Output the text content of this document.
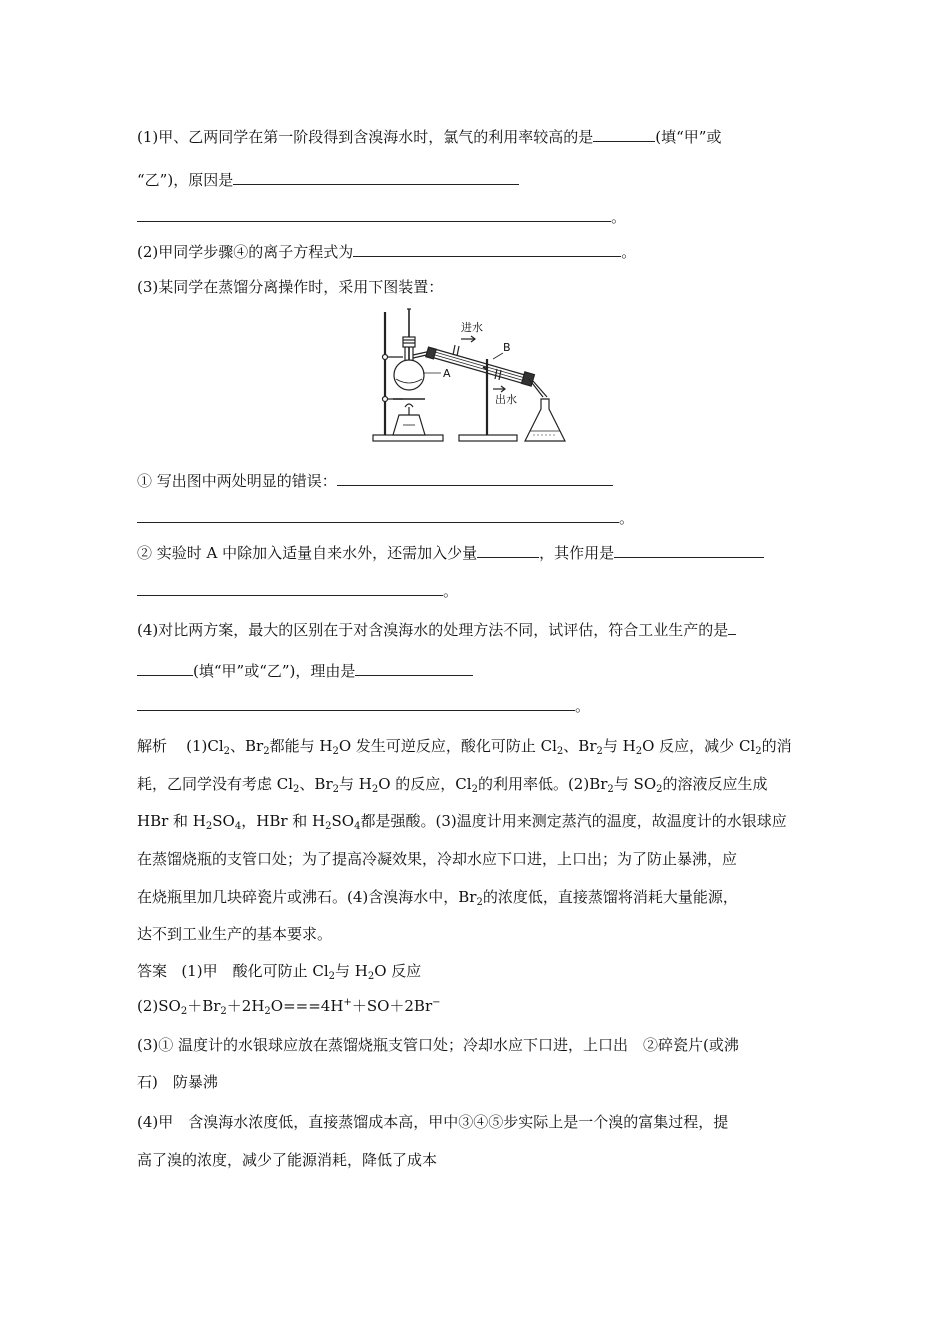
(1)甲、乙两同学在第一阶段得到含溴海水时，氯气的利用率较高的是	(填“甲”或
“乙”)，原因是
。
(2)甲同学步骤④的离子方程式为	。
(3)某同学在蒸馏分离操作时，采用下图装置：
进水
出水
A
B
① 写出图中两处明显的错误：
。
② 实验时 A 中除加入适量自来水外，还需加入少量	，其作用是
。
(4)对比两方案，最大的区别在于对含溴海水的处理方法不同，试评估，符合工业生产的是
(填“甲”或“乙”)，理由是
。
解析 $(1)Cl_2$、$Br_2$都能与 $H_2O$ 发生可逆反应，酸化可防止 $Cl_2$、$Br_2$与 $H_2O$ 反应，减少 $Cl_2$的消
耗，乙同学没有考虑 $Cl_2$、$Br_2$与 $H_2O$ 的反应，$Cl_2$的利用率低。$(2)Br_2$与 $SO_2$的溶液反应生成
HBr 和 $H_2SO_4$，HBr 和 $H_2SO_4$都是强酸。(3)温度计用来测定蒸汽的温度，故温度计的水银球应
在蒸馏烧瓶的支管口处；为了提高冷凝效果，冷却水应下口进，上口出；为了防止暴沸，应
在烧瓶里加几块碎瓷片或沸石。(4)含溴海水中，$Br_2$的浓度低，直接蒸馏将消耗大量能源，
达不到工业生产的基本要求。
答案 (1)甲　酸化可防止 $Cl_2$与 $H_2O$ 反应
$(2)SO_2+Br_2+2H_2O===4H^++SO+2Br^-$
(3)① 温度计的水银球应放在蒸馏烧瓶支管口处；冷却水应下口进，上口出　②碎瓷片(或沸
石)　防暴沸
(4)甲　含溴海水浓度低，直接蒸馏成本高，甲中③④⑤步实际上是一个溴的富集过程，提
高了溴的浓度，减少了能源消耗，降低了成本
